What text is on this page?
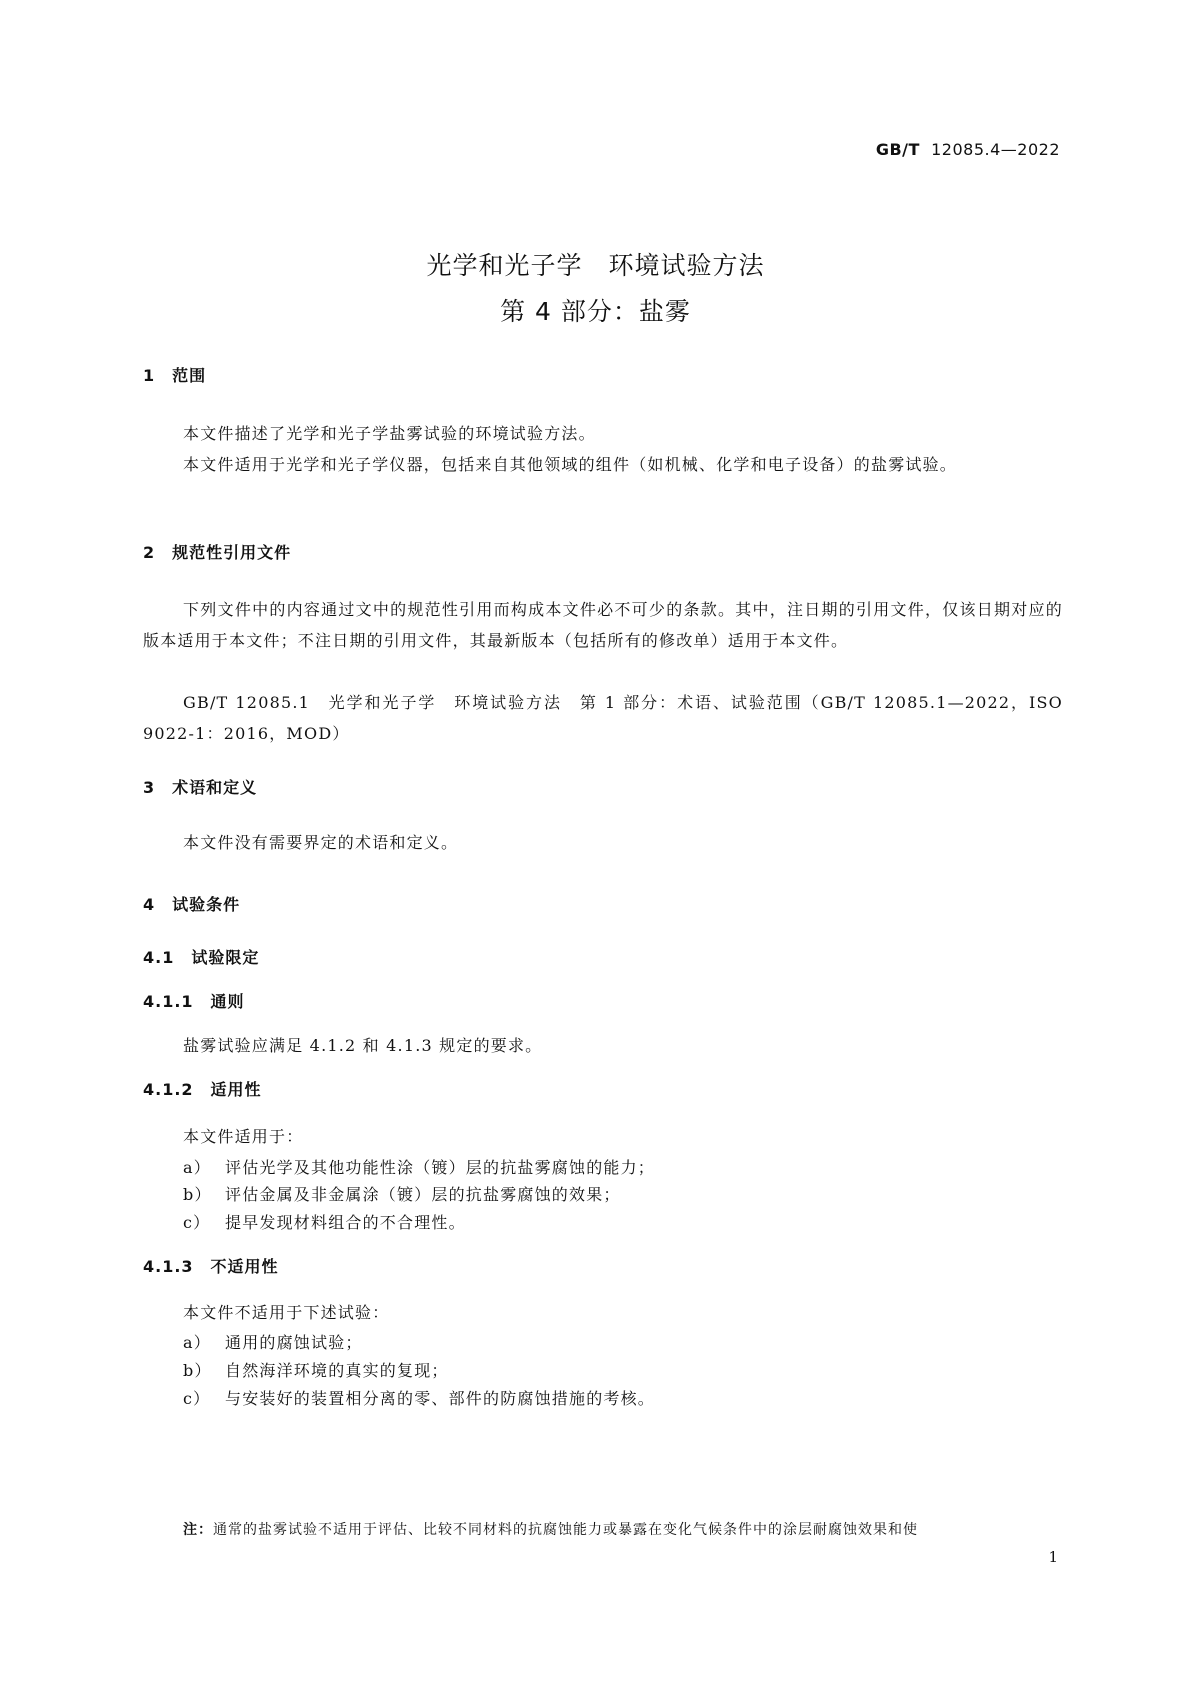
GB/T 12085.4—2022
光学和光子学　环境试验方法
第 4 部分：盐雾
1　范围
本文件描述了光学和光子学盐雾试验的环境试验方法。
本文件适用于光学和光子学仪器，包括来自其他领域的组件（如机械、化学和电子设备）的盐雾试验。
2　规范性引用文件
下列文件中的内容通过文中的规范性引用而构成本文件必不可少的条款。其中，注日期的引用文件，仅该日期对应的版本适用于本文件；不注日期的引用文件，其最新版本（包括所有的修改单）适用于本文件。
GB/T 12085.1　光学和光子学　环境试验方法　第 1 部分：术语、试验范围（GB/T 12085.1—2022，ISO 9022-1：2016，MOD）
3　术语和定义
本文件没有需要界定的术语和定义。
4　试验条件
4.1　试验限定
4.1.1　通则
盐雾试验应满足 4.1.2 和 4.1.3 规定的要求。
4.1.2　适用性
本文件适用于：
a） 评估光学及其他功能性涂（镀）层的抗盐雾腐蚀的能力；
b） 评估金属及非金属涂（镀）层的抗盐雾腐蚀的效果；
c） 提早发现材料组合的不合理性。
4.1.3　不适用性
本文件不适用于下述试验：
a） 通用的腐蚀试验；
b） 自然海洋环境的真实的复现；
c） 与安装好的装置相分离的零、部件的防腐蚀措施的考核。
注：通常的盐雾试验不适用于评估、比较不同材料的抗腐蚀能力或暴露在变化气候条件中的涂层耐腐蚀效果和使
1
